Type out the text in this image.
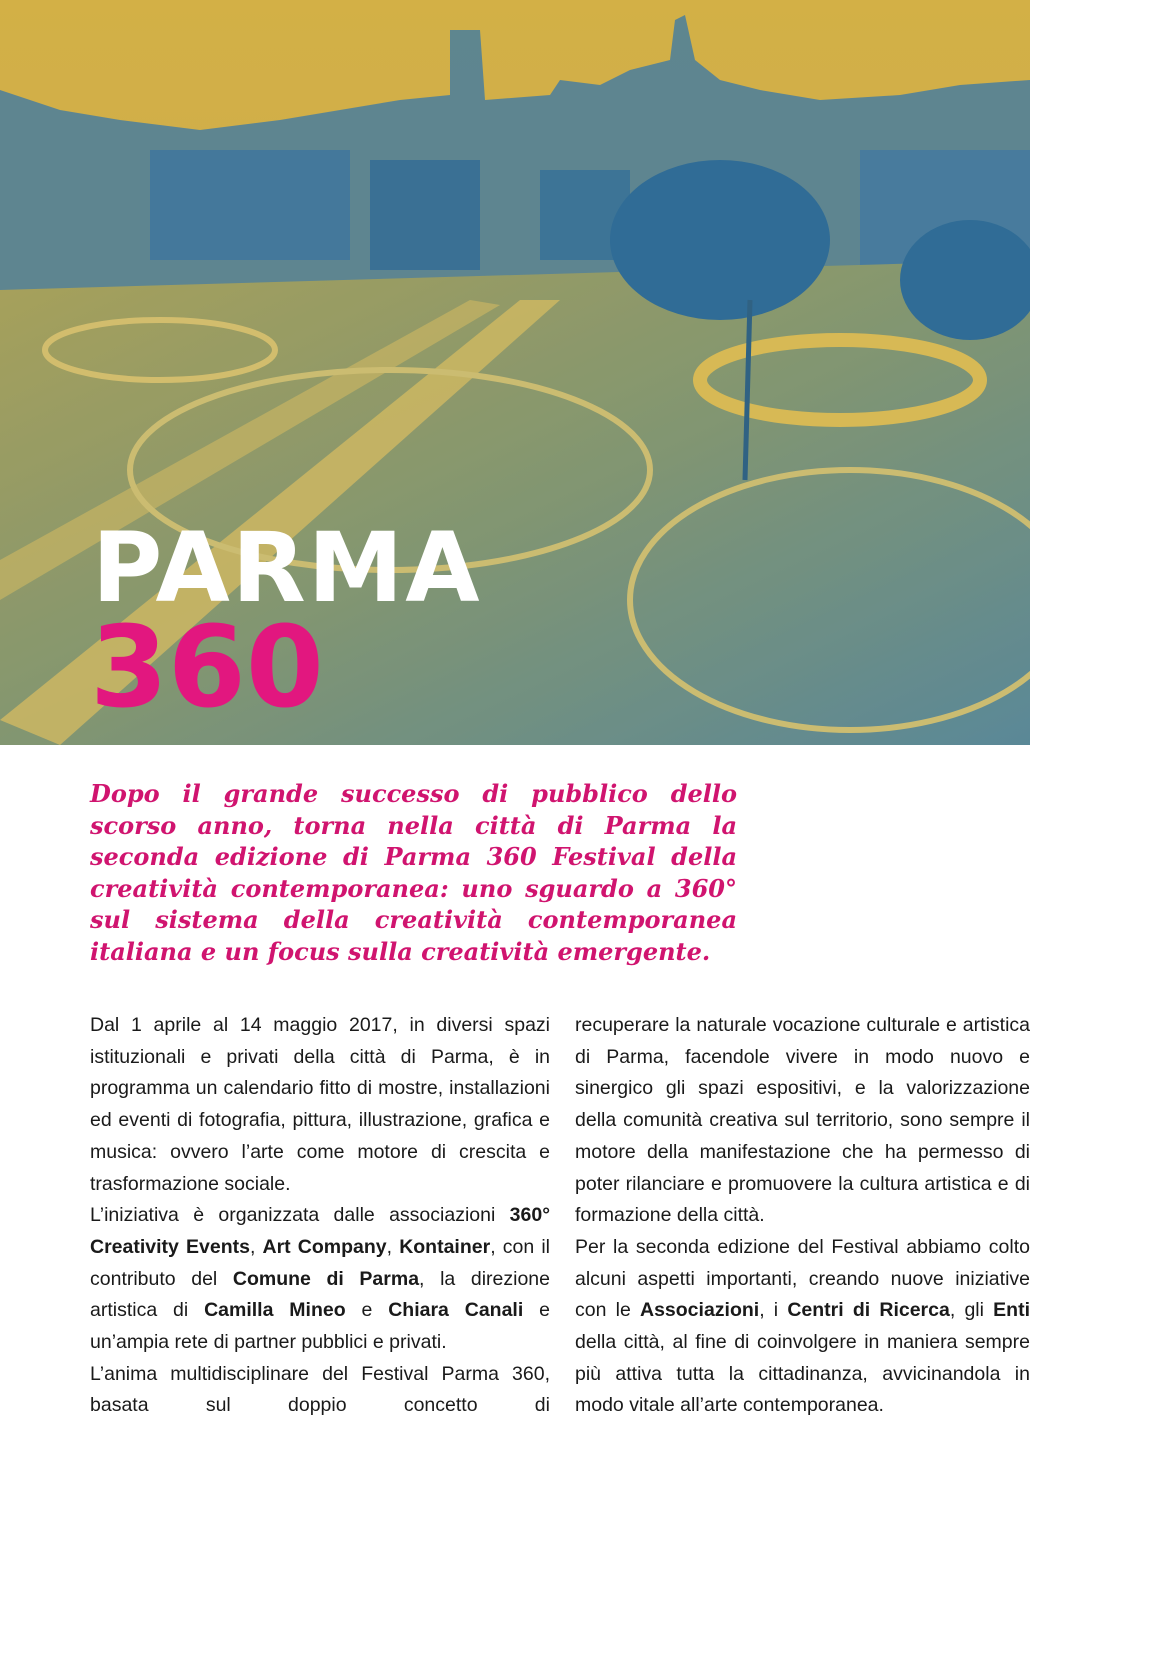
PARMA
360
Dopo il grande successo di pubblico dello scorso anno, torna nella città di Parma la seconda edizione di Parma 360 Festival della creatività contemporanea: uno sguardo a 360° sul sistema della creatività contemporanea italiana e un focus sulla creatività emergente.

Dal 1 aprile al 14 maggio 2017, in diversi spazi istituzionali e privati della città di Parma, è in programma un calendario fitto di mostre, installazioni ed eventi di fotografia, pittura, illustrazione, grafica e musica: ovvero l’arte come motore di crescita e trasformazione sociale.

L’iniziativa è organizzata dalle associazioni 360° Creativity Events, Art Company, Kontainer, con il contributo del Comune di Parma, la direzione artistica di Camilla Mineo e Chiara Canali e un’ampia rete di partner pubblici e privati.

L’anima multidisciplinare del Festival Parma 360, basata sul doppio concetto di

recuperare la naturale vocazione culturale e artistica di Parma, facendole vivere in modo nuovo e sinergico gli spazi espositivi, e la valorizzazione della comunità creativa sul territorio, sono sempre il motore della manifestazione che ha permesso di poter rilanciare e promuovere la cultura artistica e di formazione della città.

Per la seconda edizione del Festival abbiamo colto alcuni aspetti importanti, creando nuove iniziative con le Associazioni, i Centri di Ricerca, gli Enti della città, al fine di coinvolgere in maniera sempre più attiva tutta la cittadinanza, avvicinandola in modo vitale all’arte contemporanea.
